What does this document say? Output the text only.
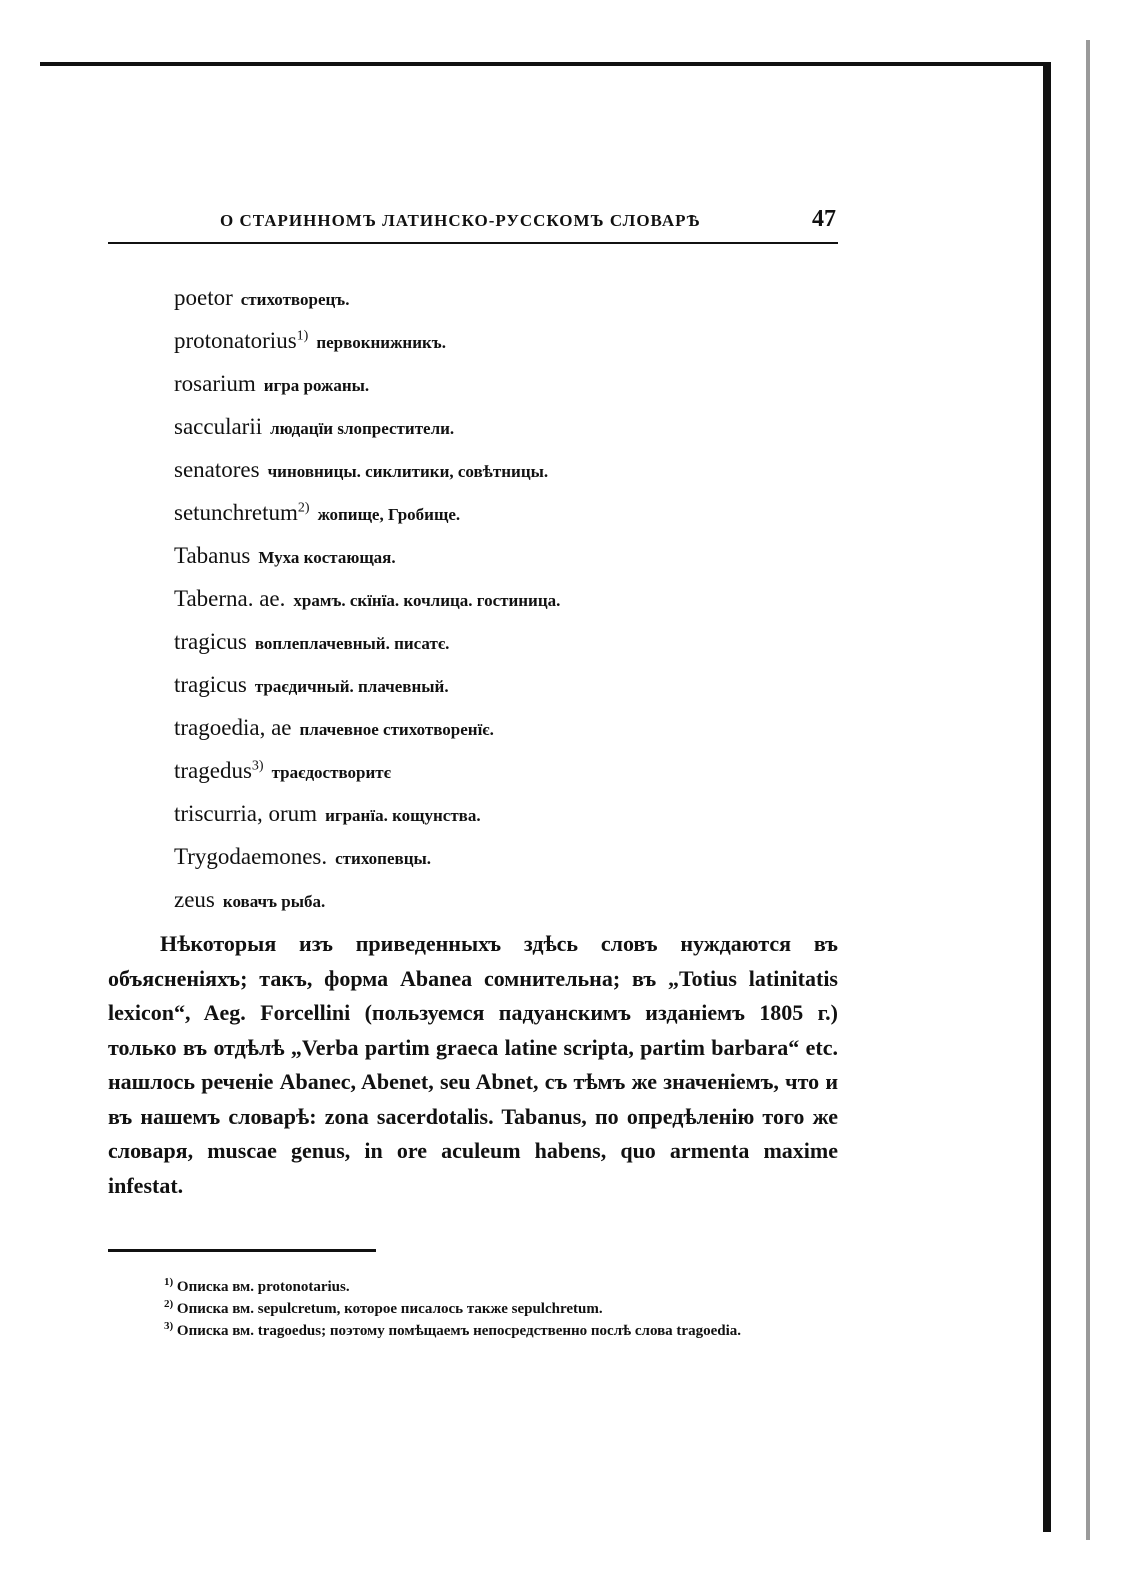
О СТАРИННОМЪ ЛАТИНСКО-РУССКОМЪ СЛОВАРѢ	47
poetor стихотворецъ.
protonatorius$^{1)}$ первокнижникъ.
rosarium игра рожаны.
saccularii людацїи ѕлопрестители.
senatores чиновницы. сиклитики, совѣтницы.
setunchretum$^{2)}$ жопище, Гробище.
Tabanus Муха костающая.
Taberna. ae. храмъ. скїнїа. кочлица. гостиница.
tragicus воплеплачевный. писатє.
tragicus траєдичный. плачевный.
tragoedia, ae плачевное стихотворенїє.
tragedus$^{3)}$ траєдостворитє
triscurria, orum игранїа. кощунства.
Trygodaemones. стихопевцы.
zeus ковачъ рыба.

Нѣкоторыя изъ приведенныхъ здѣсь словъ нуждаются въ объясненiяхъ; такъ, форма Abanea сомнительна; въ „Totius latinitatis lexicon“, Aeg. Forcellini (пользуемся падуанскимъ изданiемъ 1805 г.) только въ отдѣлѣ „Verba partim graeca latine scripta, partim barbara“ etc. нашлось реченiе Abanec, Abenet, seu Abnet, съ тѣмъ же значенiемъ, что и въ нашемъ словарѣ: zona sacerdotalis. Tabanus, по опредѣленiю того же словаря, muscae genus, in ore aculeum habens, quo armenta maxime infestat.

$^{1)}$ Описка вм. protonotarius.
$^{2)}$ Описка вм. sepulcretum, которое писалось также sepulchretum.
$^{3)}$ Описка вм. tragoedus; поэтому помѣщаемъ непосредственно послѣ слова tragoedia.
